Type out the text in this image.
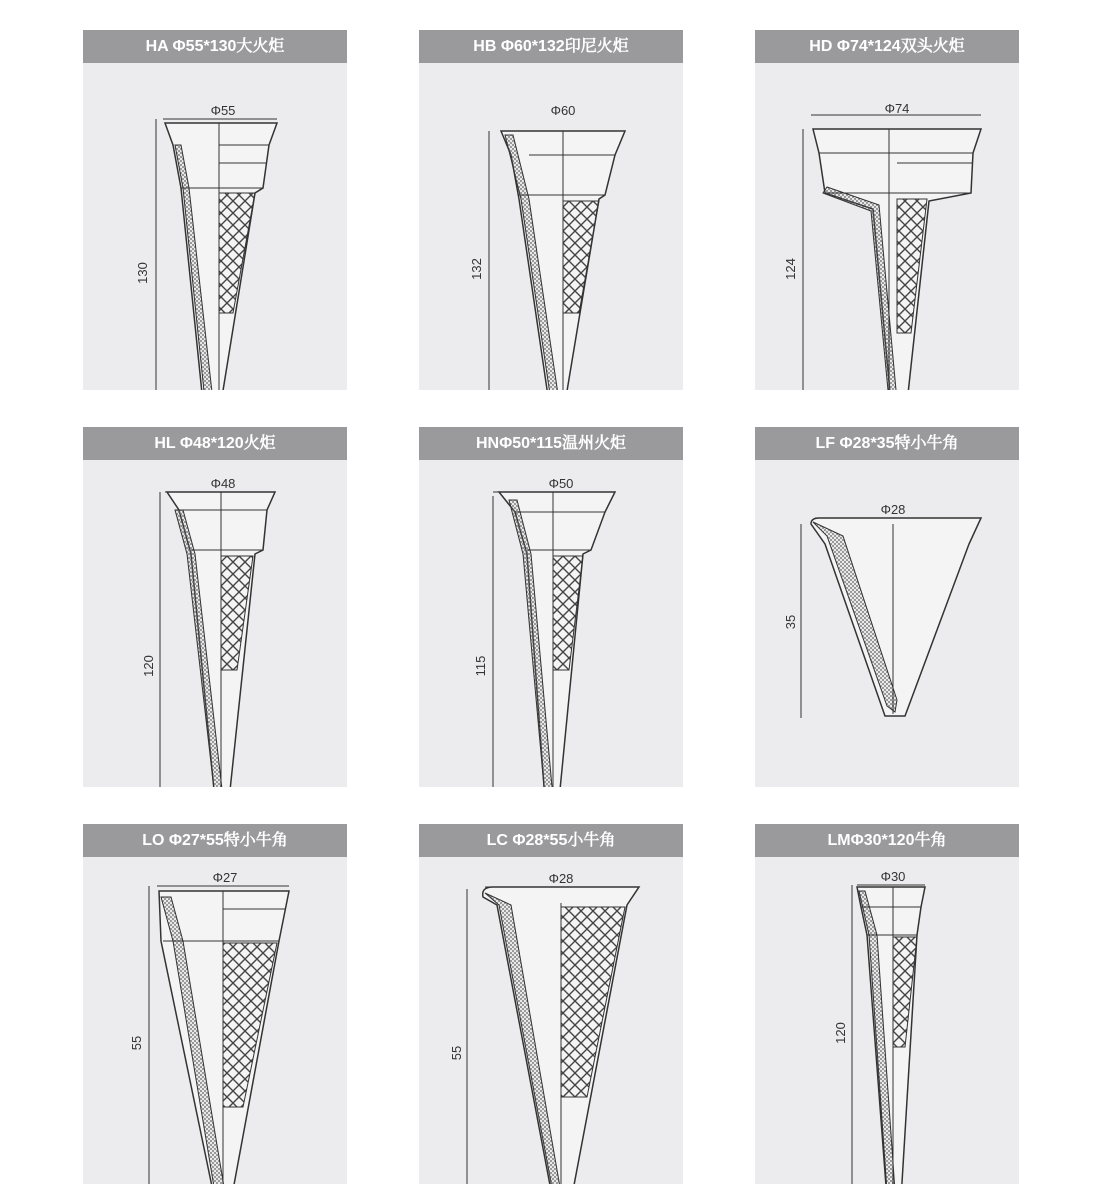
HA Φ55*130大火炬
Φ55
130
HB Φ60*132印尼火炬
Φ60
132
HD Φ74*124双头火炬
Φ74
124
HL Φ48*120火炬
Φ48
120
HNΦ50*115温州火炬
Φ50
115
LF Φ28*35特小牛角
Φ28
35
LO Φ27*55特小牛角
Φ27
55
LC Φ28*55小牛角
Φ28
55
LMΦ30*120牛角
Φ30
120
